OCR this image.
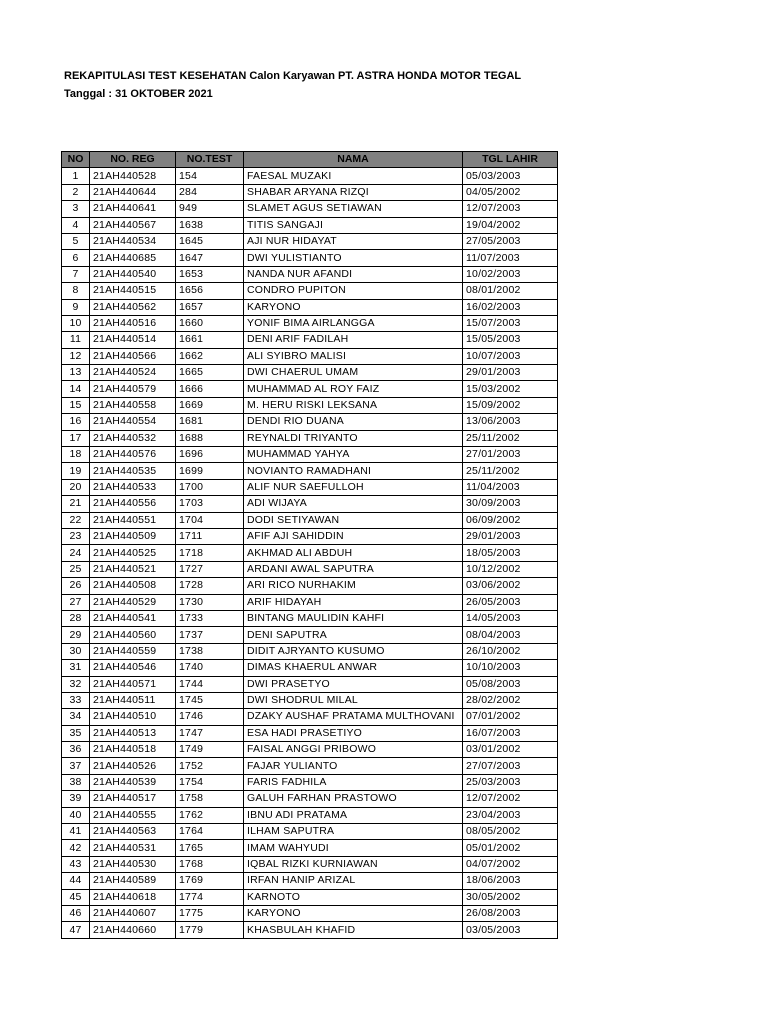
REKAPITULASI TEST KESEHATAN Calon Karyawan PT. ASTRA HONDA MOTOR TEGAL
Tanggal : 31 OKTOBER 2021
NO	NO. REG	NO.TEST	NAMA	TGL LAHIR
1	21AH440528	154	FAESAL MUZAKI	05/03/2003
2	21AH440644	284	SHABAR ARYANA RIZQI	04/05/2002
3	21AH440641	949	SLAMET AGUS SETIAWAN	12/07/2003
4	21AH440567	1638	TITIS SANGAJI	19/04/2002
5	21AH440534	1645	AJI NUR HIDAYAT	27/05/2003
6	21AH440685	1647	DWI YULISTIANTO	11/07/2003
7	21AH440540	1653	NANDA NUR AFANDI	10/02/2003
8	21AH440515	1656	CONDRO PUPITON	08/01/2002
9	21AH440562	1657	KARYONO	16/02/2003
10	21AH440516	1660	YONIF BIMA AIRLANGGA	15/07/2003
11	21AH440514	1661	DENI ARIF FADILAH	15/05/2003
12	21AH440566	1662	ALI SYIBRO MALISI	10/07/2003
13	21AH440524	1665	DWI CHAERUL UMAM	29/01/2003
14	21AH440579	1666	MUHAMMAD AL ROY FAIZ	15/03/2002
15	21AH440558	1669	M. HERU RISKI LEKSANA	15/09/2002
16	21AH440554	1681	DENDI RIO DUANA	13/06/2003
17	21AH440532	1688	REYNALDI TRIYANTO	25/11/2002
18	21AH440576	1696	MUHAMMAD YAHYA	27/01/2003
19	21AH440535	1699	NOVIANTO RAMADHANI	25/11/2002
20	21AH440533	1700	ALIF NUR SAEFULLOH	11/04/2003
21	21AH440556	1703	ADI WIJAYA	30/09/2003
22	21AH440551	1704	DODI SETIYAWAN	06/09/2002
23	21AH440509	1711	AFIF AJI SAHIDDIN	29/01/2003
24	21AH440525	1718	AKHMAD ALI ABDUH	18/05/2003
25	21AH440521	1727	ARDANI AWAL SAPUTRA	10/12/2002
26	21AH440508	1728	ARI RICO NURHAKIM	03/06/2002
27	21AH440529	1730	ARIF HIDAYAH	26/05/2003
28	21AH440541	1733	BINTANG MAULIDIN KAHFI	14/05/2003
29	21AH440560	1737	DENI SAPUTRA	08/04/2003
30	21AH440559	1738	DIDIT AJRYANTO KUSUMO	26/10/2002
31	21AH440546	1740	DIMAS KHAERUL ANWAR	10/10/2003
32	21AH440571	1744	DWI PRASETYO	05/08/2003
33	21AH440511	1745	DWI SHODRUL MILAL	28/02/2002
34	21AH440510	1746	DZAKY AUSHAF PRATAMA MULTHOVANI	07/01/2002
35	21AH440513	1747	ESA HADI PRASETIYO	16/07/2003
36	21AH440518	1749	FAISAL ANGGI PRIBOWO	03/01/2002
37	21AH440526	1752	FAJAR YULIANTO	27/07/2003
38	21AH440539	1754	FARIS FADHILA	25/03/2003
39	21AH440517	1758	GALUH FARHAN PRASTOWO	12/07/2002
40	21AH440555	1762	IBNU ADI PRATAMA	23/04/2003
41	21AH440563	1764	ILHAM SAPUTRA	08/05/2002
42	21AH440531	1765	IMAM WAHYUDI	05/01/2002
43	21AH440530	1768	IQBAL RIZKI KURNIAWAN	04/07/2002
44	21AH440589	1769	IRFAN HANIP ARIZAL	18/06/2003
45	21AH440618	1774	KARNOTO	30/05/2002
46	21AH440607	1775	KARYONO	26/08/2003
47	21AH440660	1779	KHASBULAH KHAFID	03/05/2003
